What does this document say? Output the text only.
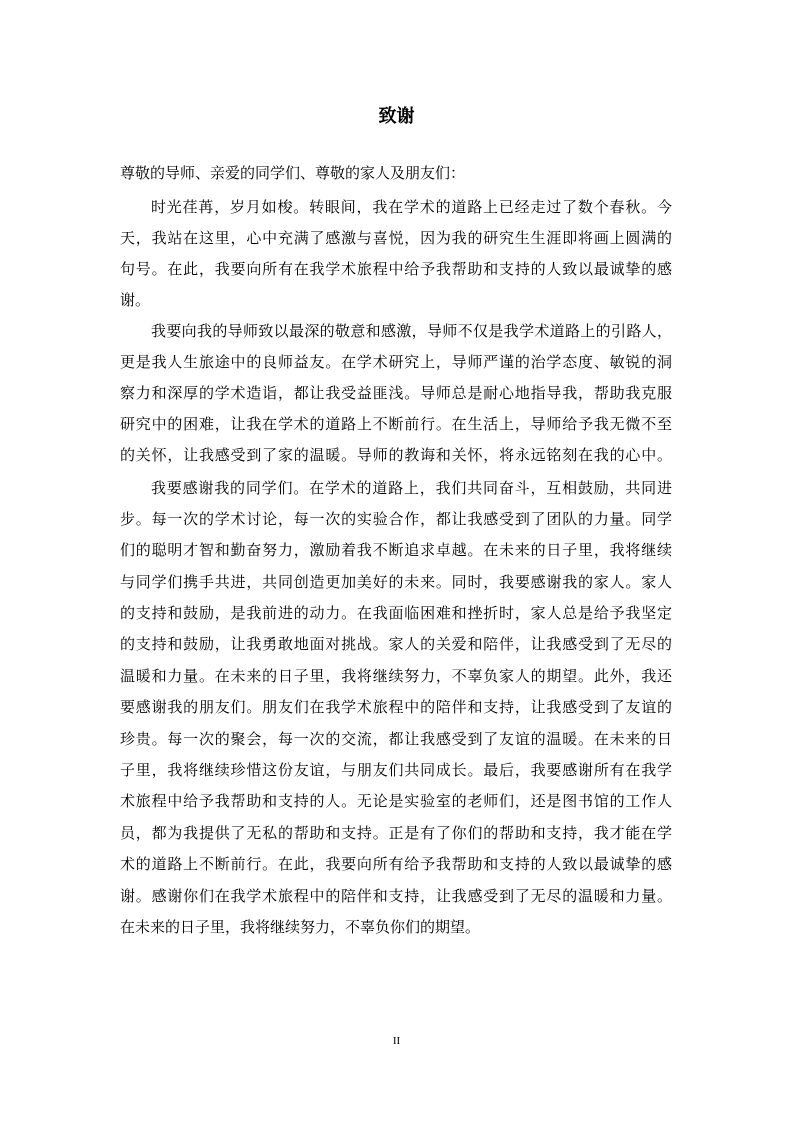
致谢
尊敬的导师、亲爱的同学们、尊敬的家人及朋友们：
时光荏苒，岁月如梭。转眼间，我在学术的道路上已经走过了数个春秋。今
天，我站在这里，心中充满了感激与喜悦，因为我的研究生生涯即将画上圆满的
句号。在此，我要向所有在我学术旅程中给予我帮助和支持的人致以最诚挚的感
谢。
我要向我的导师致以最深的敬意和感激，导师不仅是我学术道路上的引路人，
更是我人生旅途中的良师益友。在学术研究上，导师严谨的治学态度、敏锐的洞
察力和深厚的学术造诣，都让我受益匪浅。导师总是耐心地指导我，帮助我克服
研究中的困难，让我在学术的道路上不断前行。在生活上，导师给予我无微不至
的关怀，让我感受到了家的温暖。导师的教诲和关怀，将永远铭刻在我的心中。
我要感谢我的同学们。在学术的道路上，我们共同奋斗，互相鼓励，共同进
步。每一次的学术讨论，每一次的实验合作，都让我感受到了团队的力量。同学
们的聪明才智和勤奋努力，激励着我不断追求卓越。在未来的日子里，我将继续
与同学们携手共进，共同创造更加美好的未来。同时，我要感谢我的家人。家人
的支持和鼓励，是我前进的动力。在我面临困难和挫折时，家人总是给予我坚定
的支持和鼓励，让我勇敢地面对挑战。家人的关爱和陪伴，让我感受到了无尽的
温暖和力量。在未来的日子里，我将继续努力，不辜负家人的期望。此外，我还
要感谢我的朋友们。朋友们在我学术旅程中的陪伴和支持，让我感受到了友谊的
珍贵。每一次的聚会，每一次的交流，都让我感受到了友谊的温暖。在未来的日
子里，我将继续珍惜这份友谊，与朋友们共同成长。最后，我要感谢所有在我学
术旅程中给予我帮助和支持的人。无论是实验室的老师们，还是图书馆的工作人
员，都为我提供了无私的帮助和支持。正是有了你们的帮助和支持，我才能在学
术的道路上不断前行。在此，我要向所有给予我帮助和支持的人致以最诚挚的感
谢。感谢你们在我学术旅程中的陪伴和支持，让我感受到了无尽的温暖和力量。
在未来的日子里，我将继续努力，不辜负你们的期望。
II
